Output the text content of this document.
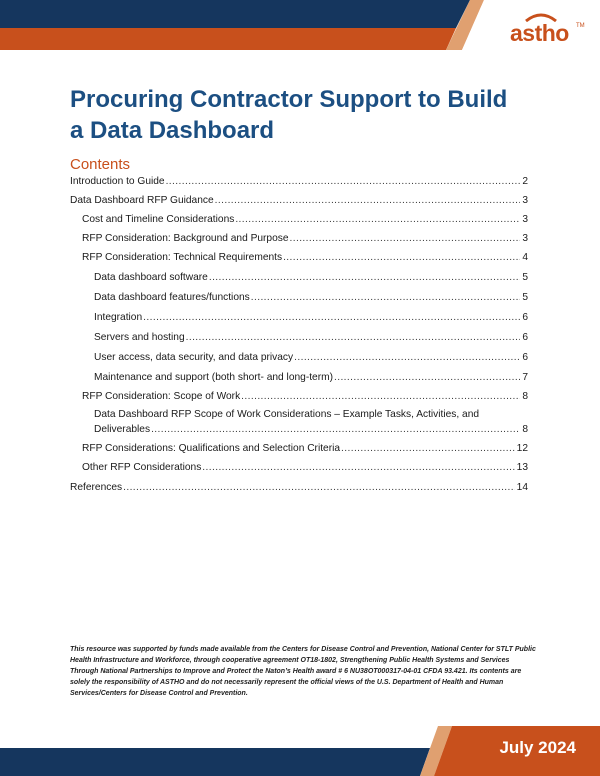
astho TM
Procuring Contractor Support to Build
a Data Dashboard
Contents
Introduction to Guide .....	2
Data Dashboard RFP Guidance .....	3
Cost and Timeline Considerations .....	3
RFP Consideration: Background and Purpose .....	3
RFP Consideration: Technical Requirements .....	4
Data dashboard software .....	5
Data dashboard features/functions .....	5
Integration .....	6
Servers and hosting .....	6
User access, data security, and data privacy .....	6
Maintenance and support (both short- and long-term) .....	7
RFP Consideration: Scope of Work .....	8
Data Dashboard RFP Scope of Work Considerations – Example Tasks, Activities, and
Deliverables .....	8
RFP Considerations: Qualifications and Selection Criteria .....	12
Other RFP Considerations .....	13
References .....	14

This resource was supported by funds made available from the Centers for Disease Control and Prevention, National Center for STLT Public Health Infrastructure and Workforce, through cooperative agreement OT18-1802, Strengthening Public Health Systems and Services Through National Partnerships to Improve and Protect the Naton’s Health award # 6 NU38OT000317-04-01 CFDA 93.421. Its contents are solely the responsibility of ASTHO and do not necessarily represent the official views of the U.S. Department of Health and Human Services/Centers for Disease Control and Prevention.

July 2024
